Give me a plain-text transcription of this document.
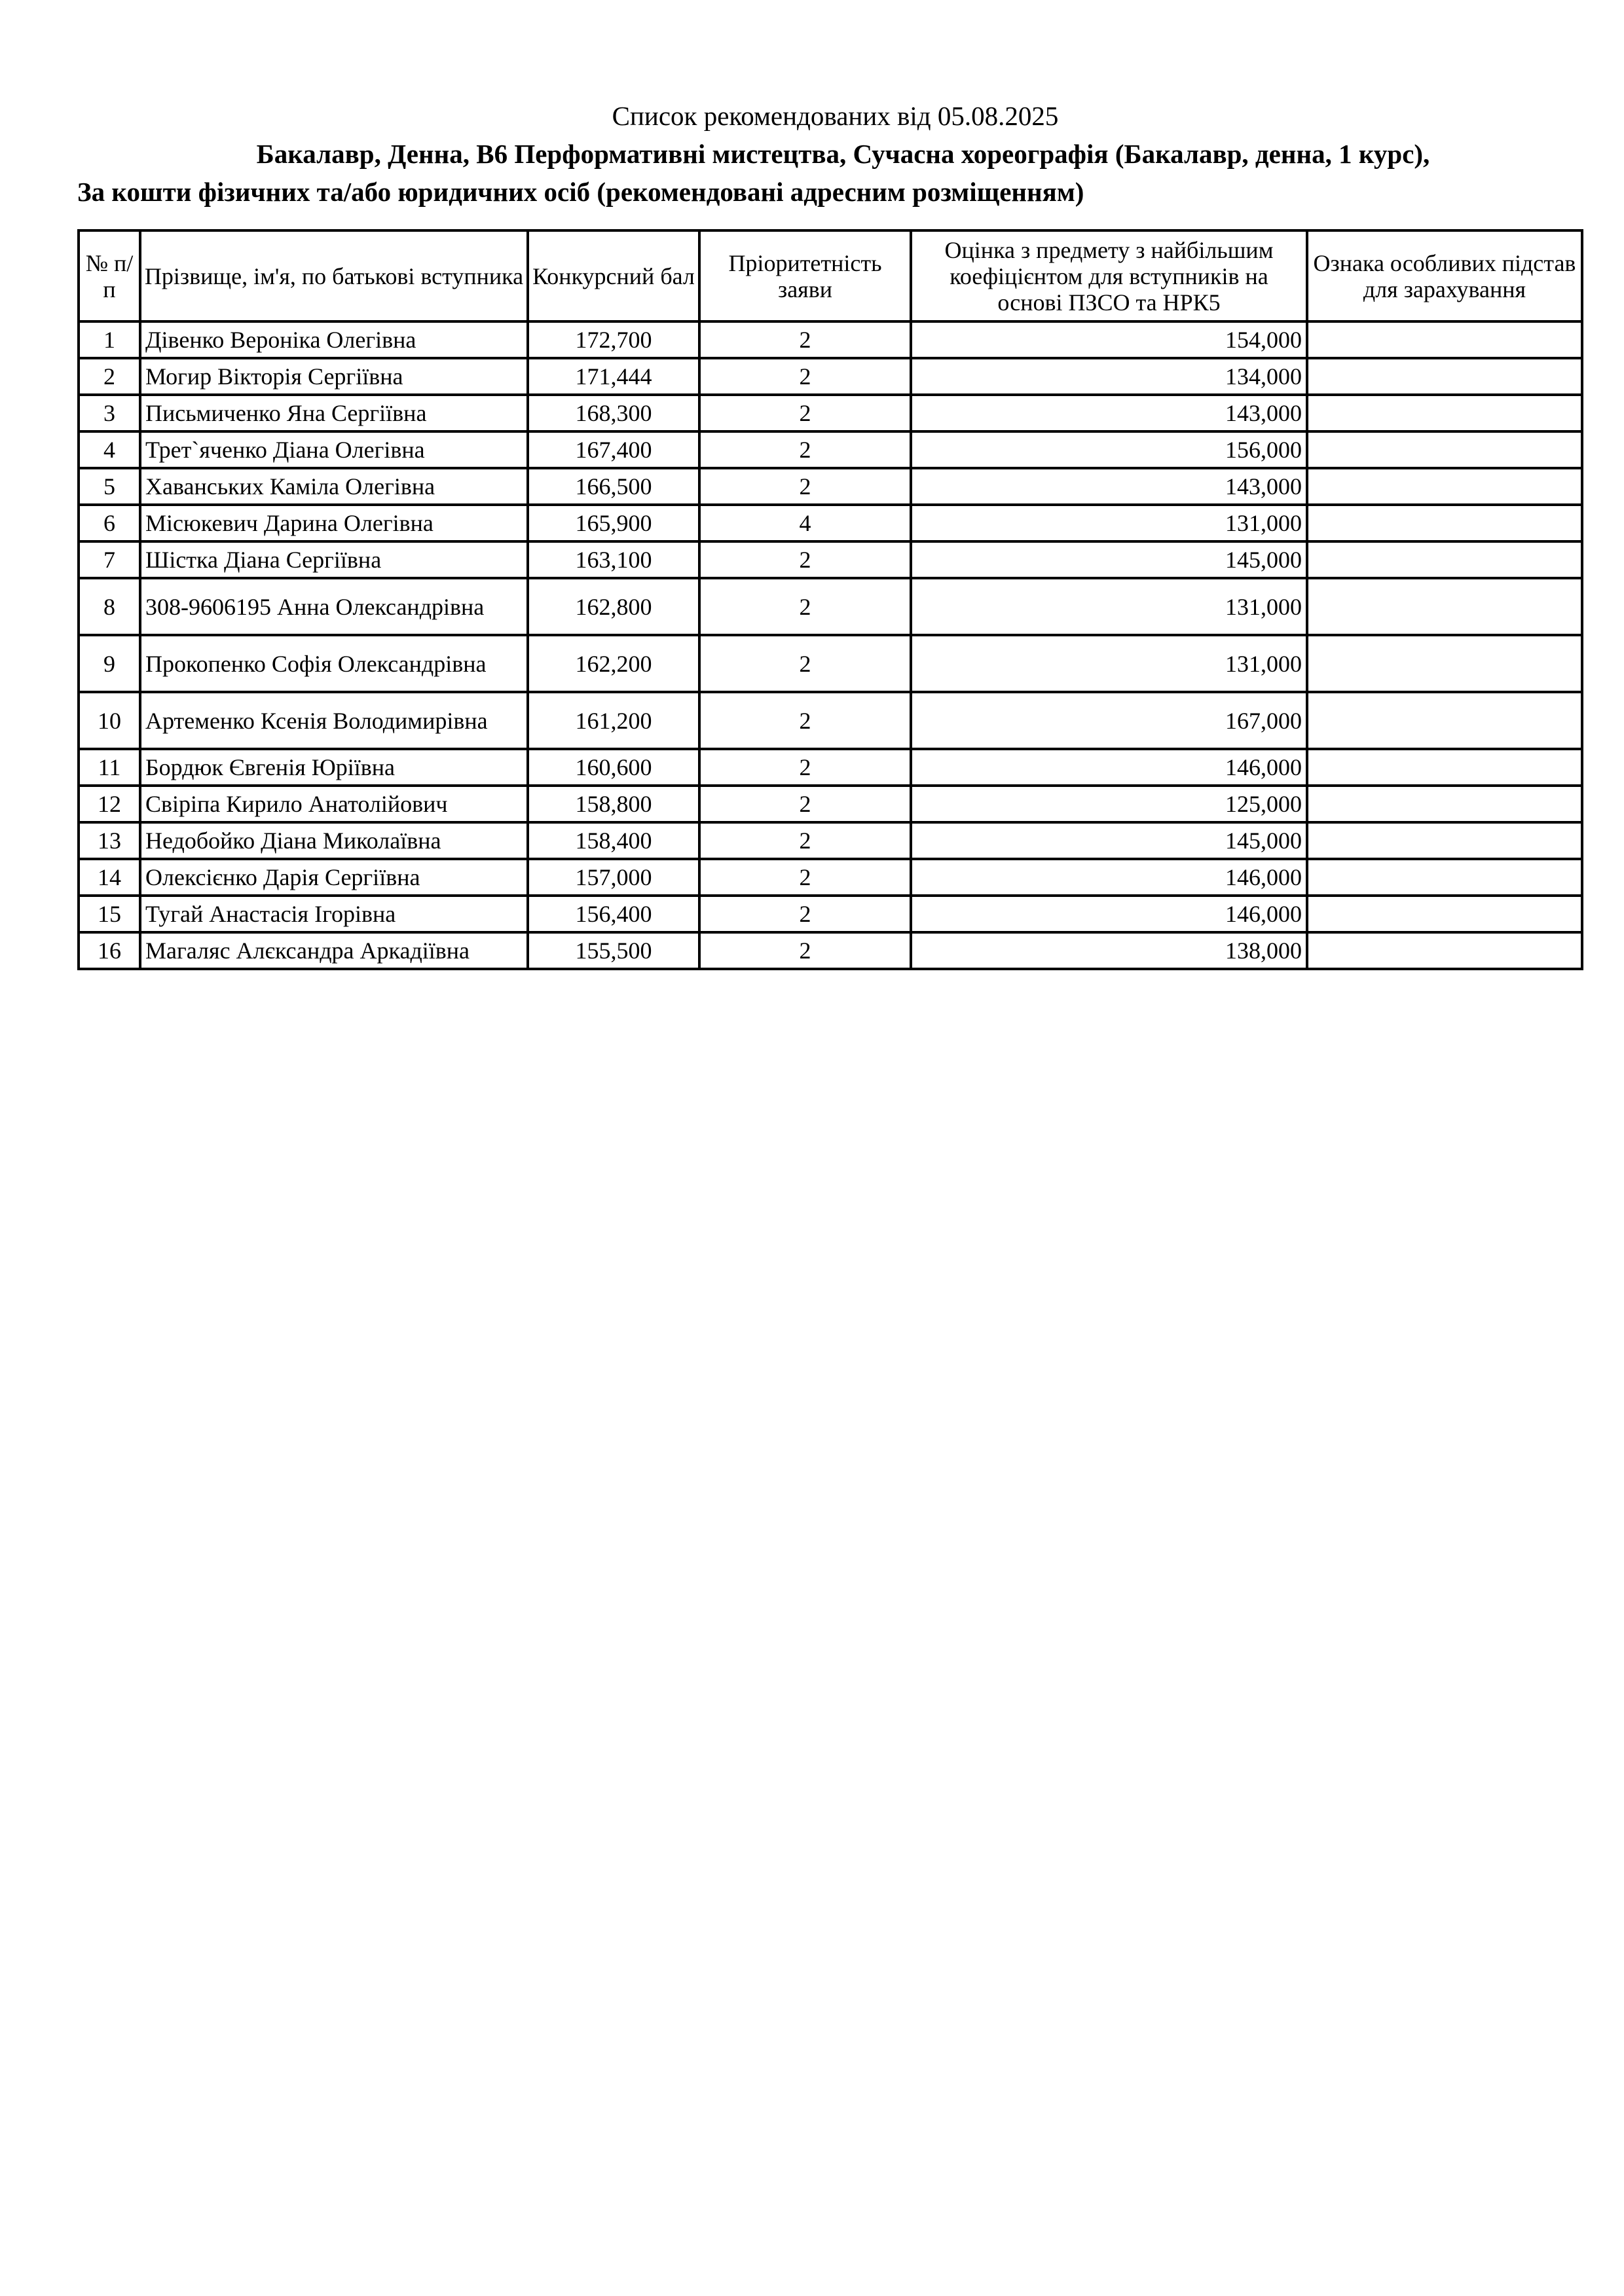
Список рекомендованих від 05.08.2025
Бакалавр, Денна, B6 Перформативні мистецтва, Сучасна хореографія (Бакалавр, денна, 1 курс),
За кошти фізичних та/або юридичних осіб (рекомендовані адресним розміщенням)
№ п/п	Прізвище, ім'я, по батькові вступника	Конкурсний бал	Пріоритетність заяви	Оцінка з предмету з найбільшим коефіцієнтом для вступників на основі ПЗСО та НРК5	Ознака особливих підстав для зарахування
1	Дівенко Вероніка Олегівна	172,700	2	154,000	
2	Могир Вікторія Сергіївна	171,444	2	134,000	
3	Письмиченко Яна Сергіївна	168,300	2	143,000	
4	Трет`яченко Діана Олегівна	167,400	2	156,000	
5	Хаванських Каміла Олегівна	166,500	2	143,000	
6	Місюкевич Дарина Олегівна	165,900	4	131,000	
7	Шістка Діана Сергіївна	163,100	2	145,000	
8	308-9606195 Анна Олександрівна	162,800	2	131,000	
9	Прокопенко Софія Олександрівна	162,200	2	131,000	
10	Артеменко Ксенія Володимирівна	161,200	2	167,000	
11	Бордюк Євгенія Юріївна	160,600	2	146,000	
12	Свіріпа Кирило Анатолійович	158,800	2	125,000	
13	Недобойко Діана Миколаївна	158,400	2	145,000	
14	Олексієнко Дарія Сергіївна	157,000	2	146,000	
15	Тугай Анастасія Ігорівна	156,400	2	146,000	
16	Магаляс Алєксандра Аркадіївна	155,500	2	138,000	
